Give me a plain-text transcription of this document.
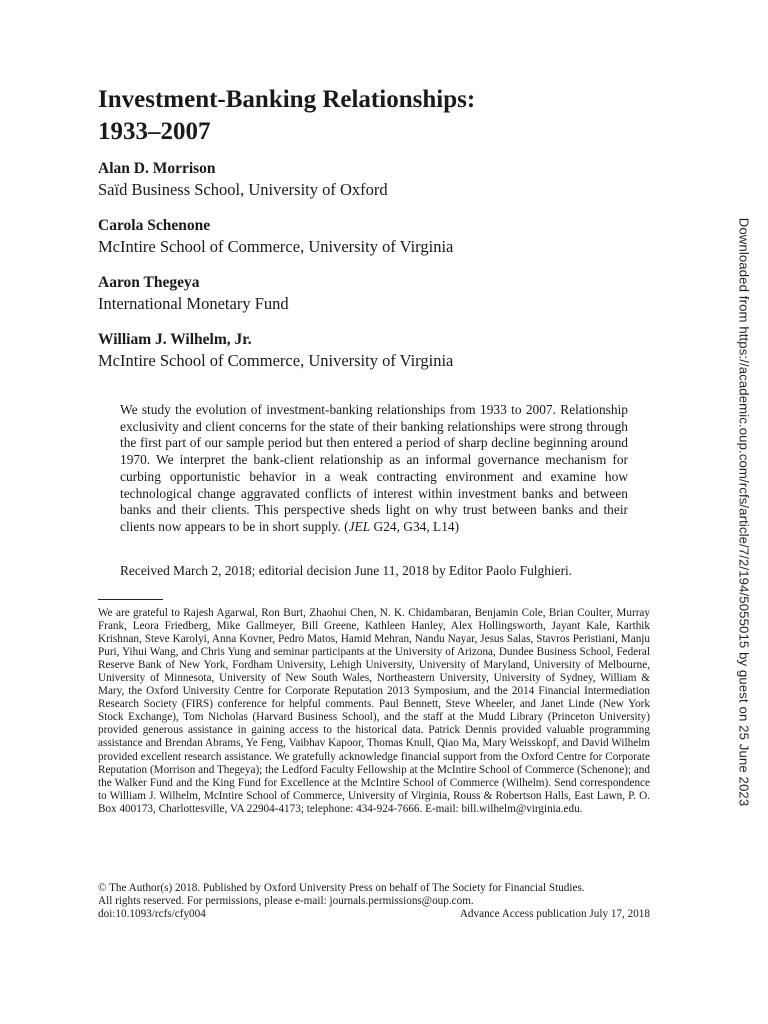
Investment-Banking Relationships:
1933–2007
Alan D. Morrison
Saïd Business School, University of Oxford
Carola Schenone
McIntire School of Commerce, University of Virginia
Aaron Thegeya
International Monetary Fund
William J. Wilhelm, Jr.
McIntire School of Commerce, University of Virginia

We study the evolution of investment-banking relationships from 1933 to 2007. Relationship exclusivity and client concerns for the state of their banking relationships were strong through the first part of our sample period but then entered a period of sharp decline beginning around 1970. We interpret the bank-client relationship as an informal governance mechanism for curbing opportunistic behavior in a weak contracting environment and examine how technological change aggravated conflicts of interest within investment banks and between banks and their clients. This perspective sheds light on why trust between banks and their clients now appears to be in short supply. (JEL G24, G34, L14)

Received March 2, 2018; editorial decision June 11, 2018 by Editor Paolo Fulghieri.

We are grateful to Rajesh Agarwal, Ron Burt, Zhaohui Chen, N. K. Chidambaran, Benjamin Cole, Brian Coulter, Murray Frank, Leora Friedberg, Mike Gallmeyer, Bill Greene, Kathleen Hanley, Alex Hollingsworth, Jayant Kale, Karthik Krishnan, Steve Karolyi, Anna Kovner, Pedro Matos, Hamid Mehran, Nandu Nayar, Jesus Salas, Stavros Peristiani, Manju Puri, Yihui Wang, and Chris Yung and seminar participants at the University of Arizona, Dundee Business School, Federal Reserve Bank of New York, Fordham University, Lehigh University, University of Maryland, University of Melbourne, University of Minnesota, University of New South Wales, Northeastern University, University of Sydney, William & Mary, the Oxford University Centre for Corporate Reputation 2013 Symposium, and the 2014 Financial Intermediation Research Society (FIRS) conference for helpful comments. Paul Bennett, Steve Wheeler, and Janet Linde (New York Stock Exchange), Tom Nicholas (Harvard Business School), and the staff at the Mudd Library (Princeton University) provided generous assistance in gaining access to the historical data. Patrick Dennis provided valuable programming assistance and Brendan Abrams, Ye Feng, Vaibhav Kapoor, Thomas Knull, Qiao Ma, Mary Weisskopf, and David Wilhelm provided excellent research assistance. We gratefully acknowledge financial support from the Oxford Centre for Corporate Reputation (Morrison and Thegeya); the Ledford Faculty Fellowship at the McIntire School of Commerce (Schenone); and the Walker Fund and the King Fund for Excellence at the McIntire School of Commerce (Wilhelm). Send correspondence to William J. Wilhelm, McIntire School of Commerce, University of Virginia, Rouss & Robertson Halls, East Lawn, P. O. Box 400173, Charlottesville, VA 22904-4173; telephone: 434-924-7666. E-mail: bill.wilhelm@virginia.edu.

© The Author(s) 2018. Published by Oxford University Press on behalf of The Society for Financial Studies.
All rights reserved. For permissions, please e-mail: journals.permissions@oup.com.
doi:10.1093/rcfs/cfy004	Advance Access publication July 17, 2018
Downloaded from https://academic.oup.com/rcfs/article/7/2/194/5055015 by guest on 25 June 2023
